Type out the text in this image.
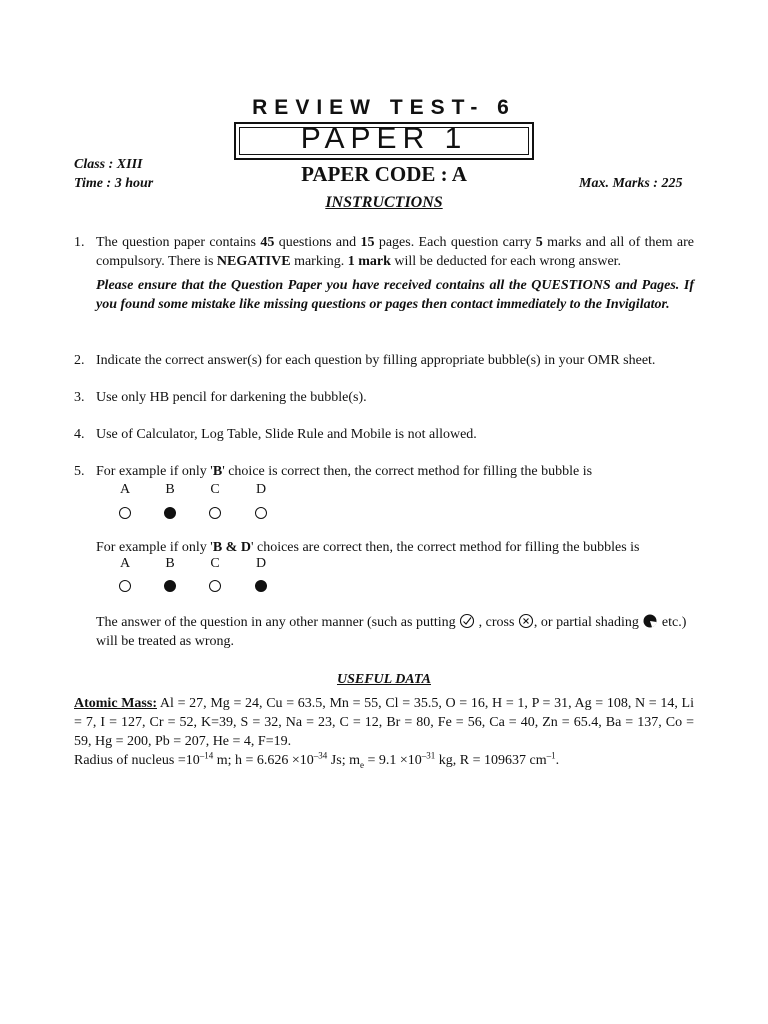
REVIEW TEST- 6
PAPER 1
Class : XIII
Time : 3 hour	PAPER CODE : A	Max. Marks : 225
INSTRUCTIONS
1. The question paper contains 45 questions and 15 pages. Each question carry 5 marks and all of them are compulsory. There is NEGATIVE marking. 1 mark will be deducted for each wrong answer.
Please ensure that the Question Paper you have received contains all the QUESTIONS and Pages. If you found some mistake like missing questions or pages then contact immediately to the Invigilator.
2. Indicate the correct answer(s) for each question by filling appropriate bubble(s) in your OMR sheet.
3. Use only HB pencil for darkening the bubble(s).
4. Use of Calculator, Log Table, Slide Rule and Mobile is not allowed.
5. For example if only 'B' choice is correct then, the correct method for filling the bubble is
A	B	C	D
For example if only 'B & D' choices are correct then, the correct method for filling the bubbles is
A	B	C	D
The answer of the question in any other manner (such as putting  , cross , or partial shading  etc.) will be treated as wrong.
USEFUL DATA
Atomic Mass: Al = 27, Mg = 24, Cu = 63.5, Mn = 55, Cl = 35.5, O = 16, H = 1, P = 31, Ag = 108, N = 14, Li = 7, I = 127, Cr = 52, K=39, S = 32, Na = 23, C = 12, Br = 80, Fe = 56, Ca = 40, Zn = 65.4, Ba = 137, Co = 59, Hg = 200, Pb = 207, He = 4, F=19.
Radius of nucleus $=10^{-14}$ m; $h = 6.626 \times 10^{-34}$ Js; $m_e = 9.1 \times 10^{-31}$ kg, R = 109637 $cm^{-1}$.
